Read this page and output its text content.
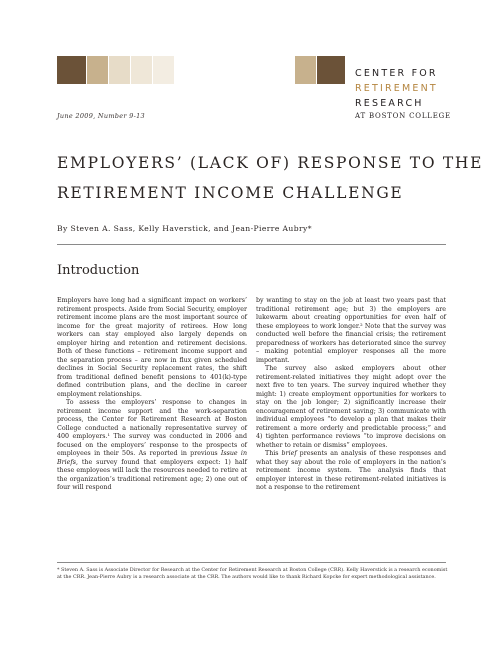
CENTER FOR
RETIREMENT
RESEARCH
AT BOSTON COLLEGE
June 2009, Number 9-13
EMPLOYERS’ (LACK OF) RESPONSE TO THE
RETIREMENT INCOME CHALLENGE
By Steven A. Sass, Kelly Haverstick, and Jean-Pierre Aubry*
Introduction

Employers have long had a significant impact on workers’ retirement prospects. Aside from Social Security, employer retirement income plans are the most important source of income for the great majority of retirees. How long workers can stay employed also largely depends on employer hiring and retention and retirement decisions. Both of these functions – retirement income support and the separation process – are now in flux given scheduled declines in Social Security replacement rates, the shift from traditional defined benefit pensions to 401(k)-type defined contribution plans, and the decline in career employment relationships.

To assess the employers’ response to changes in retirement income support and the work-separation process, the Center for Retirement Research at Boston College conducted a nationally representative survey of 400 employers.¹ The survey was conducted in 2006 and focused on the employers’ response to the prospects of employees in their 50s. As reported in previous Issue in Briefs, the survey found that employers expect: 1) half these employees will lack the resources needed to retire at the organization’s traditional retirement age; 2) one out of four will respond

by wanting to stay on the job at least two years past that traditional retirement age; but 3) the employers are lukewarm about creating opportunities for even half of these employees to work longer.² Note that the survey was conducted well before the financial crisis; the retirement preparedness of workers has deteriorated since the survey – making potential employer responses all the more important.

The survey also asked employers about other retirement-related initiatives they might adopt over the next five to ten years. The survey inquired whether they might: 1) create employment opportunities for workers to stay on the job longer; 2) significantly increase their encouragement of retirement saving; 3) communicate with individual employees “to develop a plan that makes their retirement a more orderly and predictable process;” and 4) tighten performance reviews “to improve decisions on whether to retain or dismiss” employees.

This brief presents an analysis of these responses and what they say about the role of employers in the nation’s retirement income system. The analysis finds that employer interest in these retirement-related initiatives is not a response to the retirement

* Steven A. Sass is Associate Director for Research at the Center for Retirement Research at Boston College (CRR). Kelly Haverstick is a research economist at the CRR. Jean-Pierre Aubry is a research associate at the CRR. The authors would like to thank Richard Kopcke for expert methodological assistance.
